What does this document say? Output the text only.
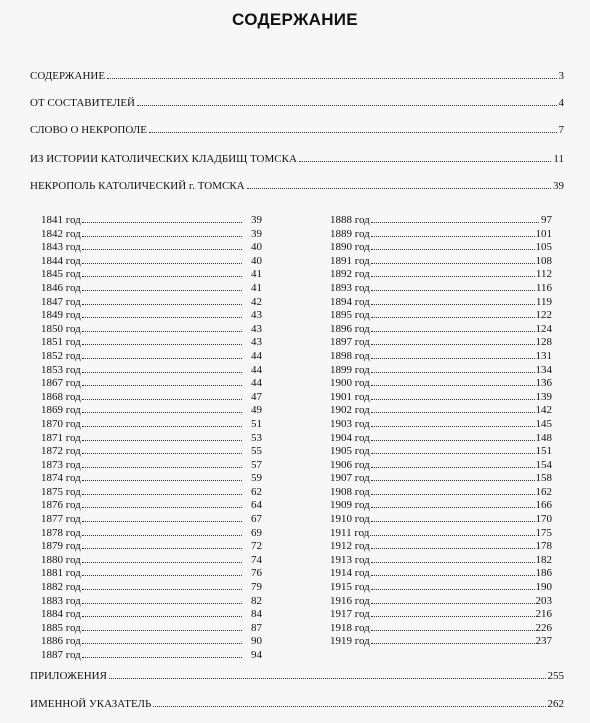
СОДЕРЖАНИЕ
СОДЕРЖАНИЕ	3
ОТ СОСТАВИТЕЛЕЙ	4
СЛОВО О НЕКРОПОЛЕ	7
ИЗ ИСТОРИИ КАТОЛИЧЕСКИХ КЛАДБИЩ ТОМСКА	11
НЕКРОПОЛЬ КАТОЛИЧЕСКИЙ г. ТОМСКА	39
1841 год	39
1842 год	39
1843 год	40
1844 год	40
1845 год	41
1846 год	41
1847 год	42
1849 год	43
1850 год	43
1851 год	43
1852 год	44
1853 год	44
1867 год	44
1868 год	47
1869 год	49
1870 год	51
1871 год	53
1872 год	55
1873 год	57
1874 год	59
1875 год	62
1876 год	64
1877 год	67
1878 год	69
1879 год	72
1880 год	74
1881 год	76
1882 год	79
1883 год	82
1884 год	84
1885 год	87
1886 год	90
1887 год	94
1888 год	97
1889 год	101
1890 год	105
1891 год	108
1892 год	112
1893 год	116
1894 год	119
1895 год	122
1896 год	124
1897 год	128
1898 год	131
1899 год	134
1900 год	136
1901 год	139
1902 год	142
1903 год	145
1904 год	148
1905 год	151
1906 год	154
1907 год	158
1908 год	162
1909 год	166
1910 год	170
1911 год	175
1912 год	178
1913 год	182
1914 год	186
1915 год	190
1916 год	203
1917 год	216
1918 год	226
1919 год	237
ПРИЛОЖЕНИЯ	255
ИМЕННОЙ УКАЗАТЕЛЬ	262
